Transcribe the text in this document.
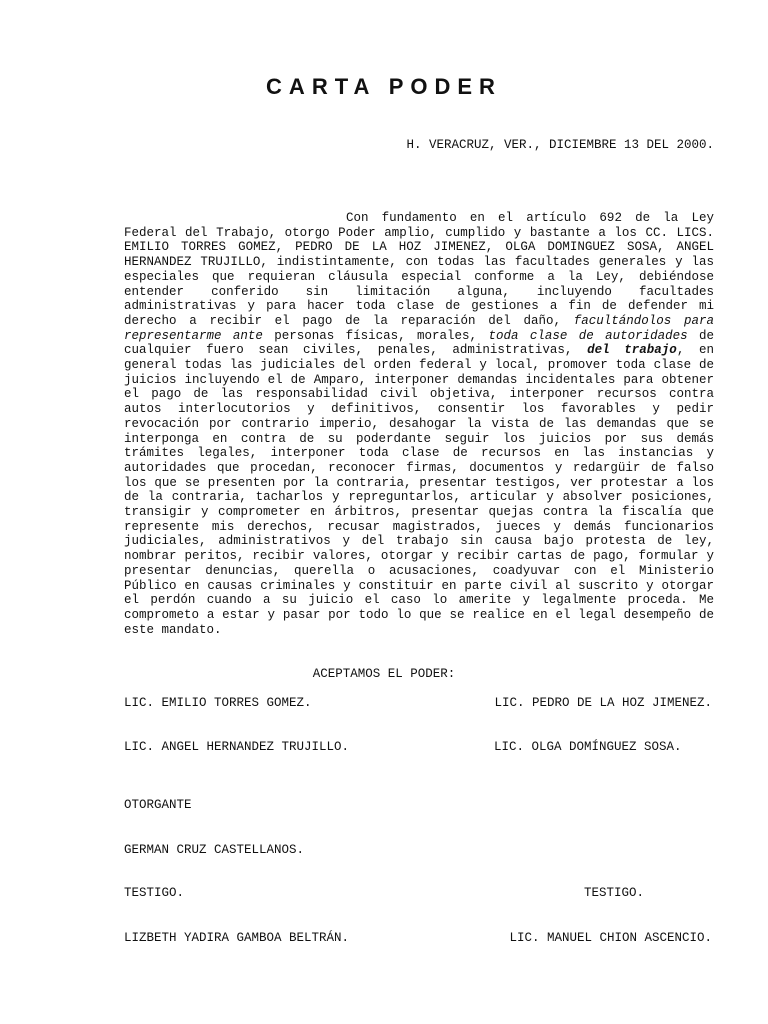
CARTA PODER
H. VERACRUZ, VER., DICIEMBRE 13 DEL 2000.
Con fundamento en el artículo 692 de la Ley Federal del Trabajo, otorgo Poder amplio, cumplido y bastante a los CC. LICS. EMILIO TORRES GOMEZ, PEDRO DE LA HOZ JIMENEZ, OLGA DOMINGUEZ SOSA, ANGEL HERNANDEZ TRUJILLO, indistintamente, con todas las facultades generales y las especiales que requieran cláusula especial conforme a la Ley, debiéndose entender conferido sin limitación alguna, incluyendo facultades administrativas y para hacer toda clase de gestiones a fin de defender mi derecho a recibir el pago de la reparación del daño, facultándolos para representarme ante personas físicas, morales, toda clase de autoridades de cualquier fuero sean civiles, penales, administrativas, del trabajo, en general todas las judiciales del orden federal y local, promover toda clase de juicios incluyendo el de Amparo, interponer demandas incidentales para obtener el pago de las responsabilidad civil objetiva, interponer recursos contra autos interlocutorios y definitivos, consentir los favorables y pedir revocación por contrario imperio, desahogar la vista de las demandas que se interponga en contra de su poderdante seguir los juicios por sus demás trámites legales, interponer toda clase de recursos en las instancias y autoridades que procedan, reconocer firmas, documentos y redargüir de falso los que se presenten por la contraria, presentar testigos, ver protestar a los de la contraria, tacharlos y repreguntarlos, articular y absolver posiciones, transigir y comprometer en árbitros, presentar quejas contra la fiscalía que represente mis derechos, recusar magistrados, jueces y demás funcionarios judiciales, administrativos y del trabajo sin causa bajo protesta de ley, nombrar peritos, recibir valores, otorgar y recibir cartas de pago, formular y presentar denuncias, querella o acusaciones, coadyuvar con el Ministerio Público en causas criminales y constituir en parte civil al suscrito y otorgar el perdón cuando a su juicio el caso lo amerite y legalmente proceda. Me comprometo a estar y pasar por todo lo que se realice en el legal desempeño de este mandato.
ACEPTAMOS EL PODER:
LIC. EMILIO TORRES GOMEZ.	LIC. PEDRO DE LA HOZ JIMENEZ.
LIC. ANGEL HERNANDEZ TRUJILLO.	LIC. OLGA DOMÍNGUEZ SOSA.
OTORGANTE
GERMAN CRUZ CASTELLANOS.
TESTIGO.	TESTIGO.
LIZBETH YADIRA GAMBOA BELTRÁN.	LIC. MANUEL CHION ASCENCIO.
